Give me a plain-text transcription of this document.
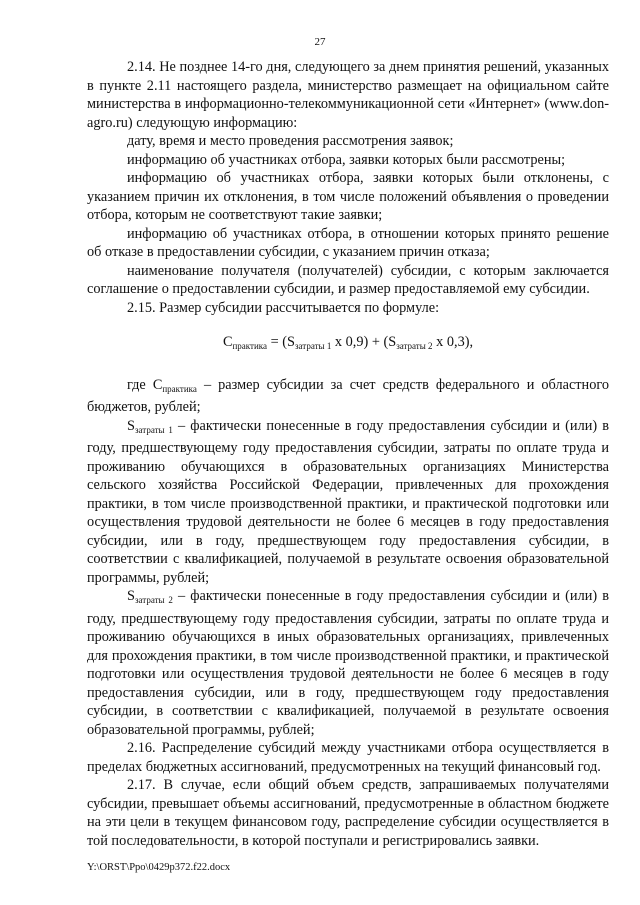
27

2.14. Не позднее 14-го дня, следующего за днем принятия решений, указанных в пункте 2.11 настоящего раздела, министерство размещает на официальном сайте министерства в информационно-телекоммуникационной сети «Интернет» (www.don-agro.ru) следующую информацию:

дату, время и место проведения рассмотрения заявок;

информацию об участниках отбора, заявки которых были рассмотрены;

информацию об участниках отбора, заявки которых были отклонены, с указанием причин их отклонения, в том числе положений объявления о проведении отбора, которым не соответствуют такие заявки;

информацию об участниках отбора, в отношении которых принято решение об отказе в предоставлении субсидии, с указанием причин отказа;

наименование получателя (получателей) субсидии, с которым заключается соглашение о предоставлении субсидии, и размер предоставляемой ему субсидии.

2.15. Размер субсидии рассчитывается по формуле:

$С_{практика} = (S_{затраты 1}$ х $0,9) + (S_{затраты 2}$ х 0,3),

где $С_{практика}$ – размер субсидии за счет средств федерального и областного бюджетов, рублей;

$S_{затраты 1}$ – фактически понесенные в году предоставления субсидии и (или) в году, предшествующему году предоставления субсидии, затраты по оплате труда и проживанию обучающихся в образовательных организациях Министерства сельского хозяйства Российской Федерации, привлеченных для прохождения практики, в том числе производственной практики, и практической подготовки или осуществления трудовой деятельности не более 6 месяцев в году предоставления субсидии, или в году, предшествующем году предоставления субсидии, в соответствии с квалификацией, получаемой в результате освоения образовательной программы, рублей;

$S_{затраты 2}$ – фактически понесенные в году предоставления субсидии и (или) в году, предшествующему году предоставления субсидии, затраты по оплате труда и проживанию обучающихся в иных образовательных организациях, привлеченных для прохождения практики, в том числе производственной практики, и практической подготовки или осуществления трудовой деятельности не более 6 месяцев в году предоставления субсидии, или в году, предшествующем году предоставления субсидии, в соответствии с квалификацией, получаемой в результате освоения образовательной программы, рублей;

2.16. Распределение субсидий между участниками отбора осуществляется в пределах бюджетных ассигнований, предусмотренных на текущий финансовый год.

2.17. В случае, если общий объем средств, запрашиваемых получателями субсидии, превышает объемы ассигнований, предусмотренные в областном бюджете на эти цели в текущем финансовом году, распределение субсидии осуществляется в той последовательности, в которой поступали и регистрировались заявки.

Y:\ORST\Ppo\0429p372.f22.docx
